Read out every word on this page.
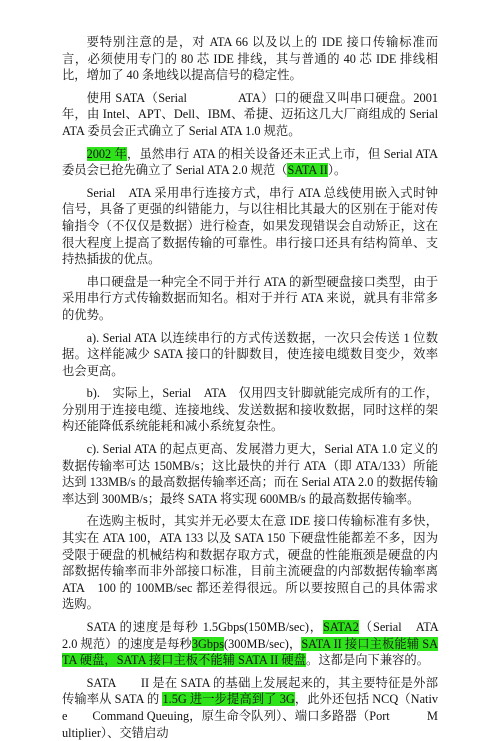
要特别注意的是，对 ATA 66 以及以上的 IDE 接口传输标准而言，必须使用专门的 80 芯 IDE 排线，其与普通的 40 芯 IDE 排线相比，增加了 40 条地线以提高信号的稳定性。

使用 SATA（Serial　　　　ATA）口的硬盘又叫串口硬盘。2001 年，由 Intel、APT、Dell、IBM、希捷、迈拓这几大厂商组成的 Serial　ATA 委员会正式确立了 Serial ATA 1.0 规范。

2002 年，虽然串行 ATA 的相关设备还未正式上市，但 Serial ATA 委员会已抢先确立了 Serial ATA 2.0 规范（SATA II）。

Serial　ATA 采用串行连接方式，串行 ATA 总线使用嵌入式时钟信号，具备了更强的纠错能力，与以往相比其最大的区别在于能对传输指令（不仅仅是数据）进行检查，如果发现错误会自动矫正，这在很大程度上提高了数据传输的可靠性。串行接口还具有结构简单、支持热插拔的优点。

串口硬盘是一种完全不同于并行 ATA 的新型硬盘接口类型，由于采用串行方式传输数据而知名。相对于并行 ATA 来说，就具有非常多的优势。

a). Serial ATA 以连续串行的方式传送数据，一次只会传送 1 位数据。这样能减少 SATA 接口的针脚数目，使连接电缆数目变少，效率也会更高。

b).　实际上，Serial　ATA　仅用四支针脚就能完成所有的工作，分别用于连接电缆、连接地线、发送数据和接收数据，同时这样的架构还能降低系统能耗和减小系统复杂性。

c). Serial ATA 的起点更高、发展潜力更大，Serial ATA 1.0 定义的数据传输率可达 150MB/s；这比最快的并行 ATA（即 ATA/133）所能达到 133MB/s 的最高数据传输率还高；而在 Serial ATA 2.0 的数据传输率达到 300MB/s；最终 SATA 将实现 600MB/s 的最高数据传输率。

在选购主板时，其实并无必要太在意 IDE 接口传输标准有多快，其实在 ATA 100，ATA 133 以及 SATA 150 下硬盘性能都差不多，因为受限于硬盘的机械结构和数据存取方式，硬盘的性能瓶颈是硬盘的内部数据传输率而非外部接口标准，目前主流硬盘的内部数据传输率离 ATA　100 的 100MB/sec 都还差得很远。所以要按照自己的具体需求选购。

SATA 的速度是每秒 1.5Gbps(150MB/sec)，SATA2（Serial　ATA　2.0 规范）的速度是每秒3Gbps(300MB/sec)，SATA II 接口主板能辅 SATA 硬盘，SATA 接口主板不能辅 SATA II 硬盘。这都是向下兼容的。

SATA　　II 是在 SATA 的基础上发展起来的，其主要特征是外部传输率从 SATA 的 1.5G 进一步提高到了 3G，此外还包括 NCQ（Native　　Command Queuing，原生命令队列）、端口多路器（Port　　　Multiplier）、交错启动
